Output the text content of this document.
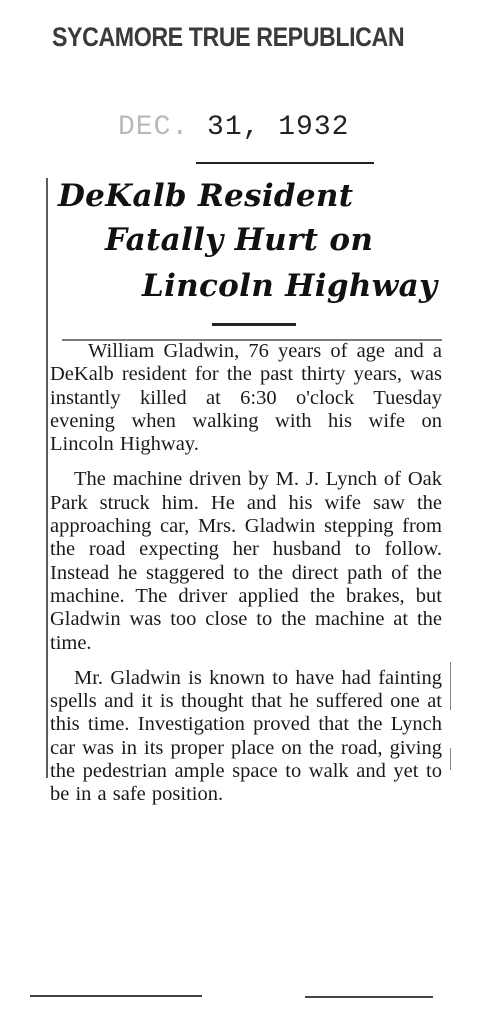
SYCAMORE TRUE REPUBLICAN
DEC. 31, 1932
DeKalb Resident
Fatally Hurt on
Lincoln Highway

William Gladwin, 76 years of age and a DeKalb resident for the past thirty years, was instantly killed at 6:30 o'clock Tuesday evening when walking with his wife on Lincoln Highway.

The machine driven by M. J. Lynch of Oak Park struck him. He and his wife saw the approaching car, Mrs. Gladwin stepping from the road expecting her husband to follow. Instead he staggered to the direct path of the machine. The driver applied the brakes, but Gladwin was too close to the machine at the time.

Mr. Gladwin is known to have had fainting spells and it is thought that he suffered one at this time. Investigation proved that the Lynch car was in its proper place on the road, giving the pedestrian ample space to walk and yet to be in a safe position.
